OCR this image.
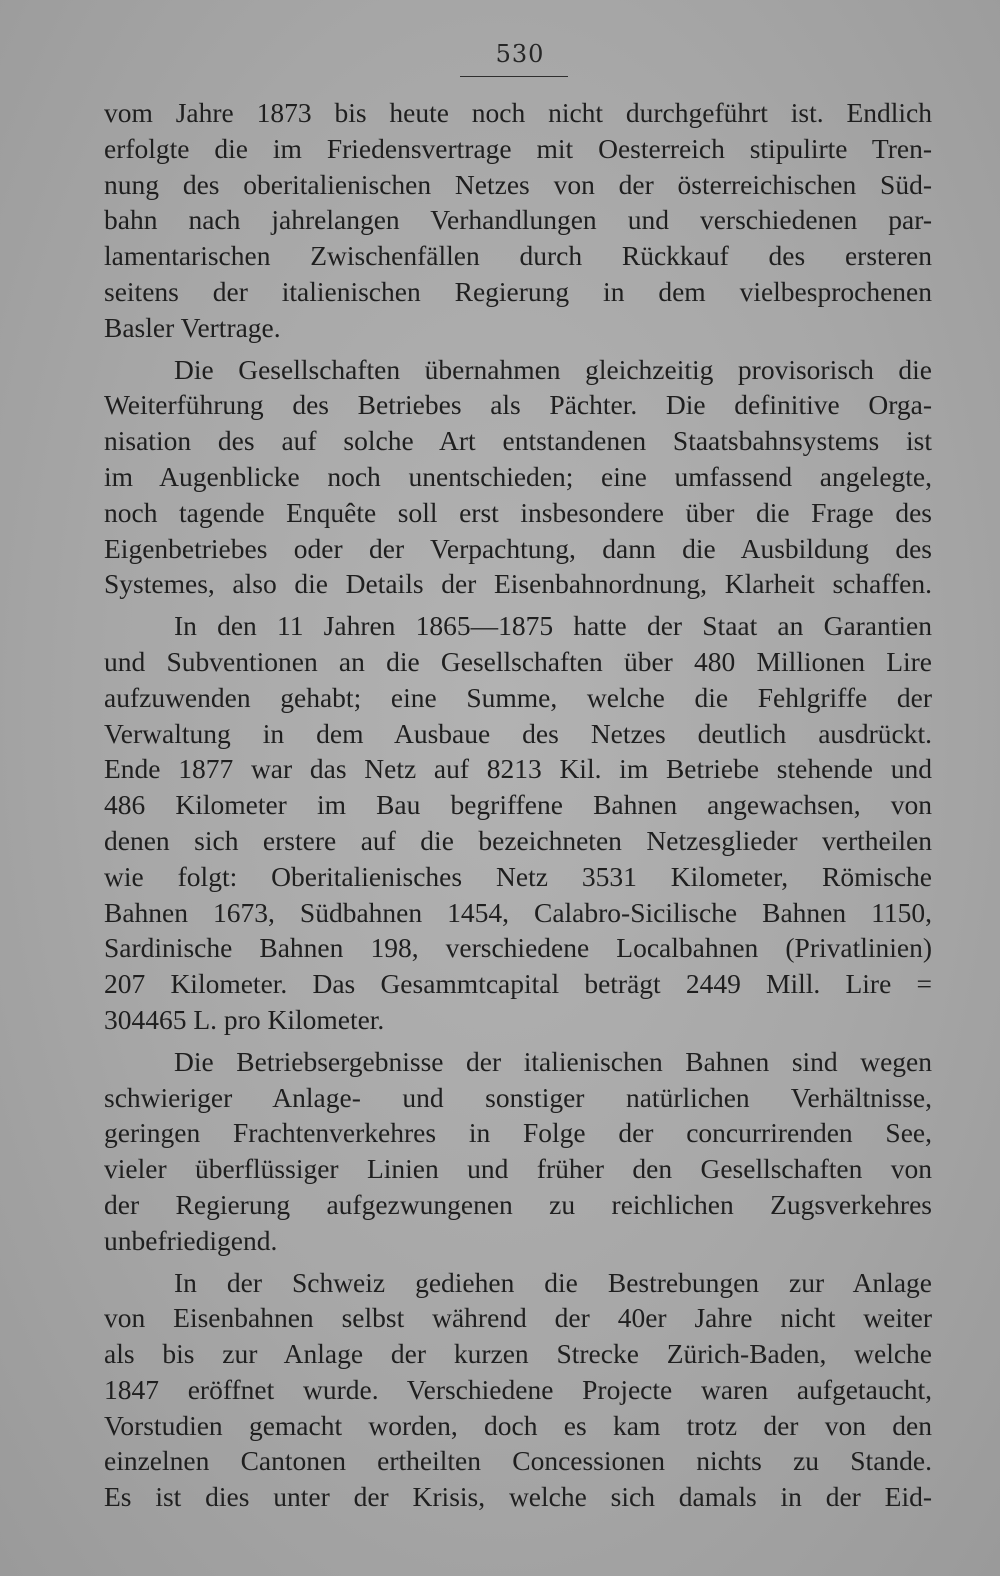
530
vom Jahre 1873 bis heute noch nicht durchgeführt ist. Endlich
erfolgte die im Friedensvertrage mit Oesterreich stipulirte Tren-
nung des oberitalienischen Netzes von der österreichischen Süd-
bahn nach jahrelangen Verhandlungen und verschiedenen par-
lamentarischen Zwischenfällen durch Rückkauf des ersteren
seitens der italienischen Regierung in dem vielbesprochenen
Basler Vertrage.
Die Gesellschaften übernahmen gleichzeitig provisorisch die
Weiterführung des Betriebes als Pächter. Die definitive Orga-
nisation des auf solche Art entstandenen Staatsbahnsystems ist
im Augenblicke noch unentschieden; eine umfassend angelegte,
noch tagende Enquête soll erst insbesondere über die Frage des
Eigenbetriebes oder der Verpachtung, dann die Ausbildung des
Systemes, also die Details der Eisenbahnordnung, Klarheit schaffen.
In den 11 Jahren 1865—1875 hatte der Staat an Garantien
und Subventionen an die Gesellschaften über 480 Millionen Lire
aufzuwenden gehabt; eine Summe, welche die Fehlgriffe der
Verwaltung in dem Ausbaue des Netzes deutlich ausdrückt.
Ende 1877 war das Netz auf 8213 Kil. im Betriebe stehende und
486 Kilometer im Bau begriffene Bahnen angewachsen, von
denen sich erstere auf die bezeichneten Netzesglieder vertheilen
wie folgt: Oberitalienisches Netz 3531 Kilometer, Römische
Bahnen 1673, Südbahnen 1454, Calabro-Sicilische Bahnen 1150,
Sardinische Bahnen 198, verschiedene Localbahnen (Privatlinien)
207 Kilometer. Das Gesammtcapital beträgt 2449 Mill. Lire =
304465 L. pro Kilometer.
Die Betriebsergebnisse der italienischen Bahnen sind wegen
schwieriger Anlage- und sonstiger natürlichen Verhältnisse,
geringen Frachtenverkehres in Folge der concurrirenden See,
vieler überflüssiger Linien und früher den Gesellschaften von
der Regierung aufgezwungenen zu reichlichen Zugsverkehres
unbefriedigend.
In der Schweiz gediehen die Bestrebungen zur Anlage
von Eisenbahnen selbst während der 40er Jahre nicht weiter
als bis zur Anlage der kurzen Strecke Zürich-Baden, welche
1847 eröffnet wurde. Verschiedene Projecte waren aufgetaucht,
Vorstudien gemacht worden, doch es kam trotz der von den
einzelnen Cantonen ertheilten Concessionen nichts zu Stande.
Es ist dies unter der Krisis, welche sich damals in der Eid-
